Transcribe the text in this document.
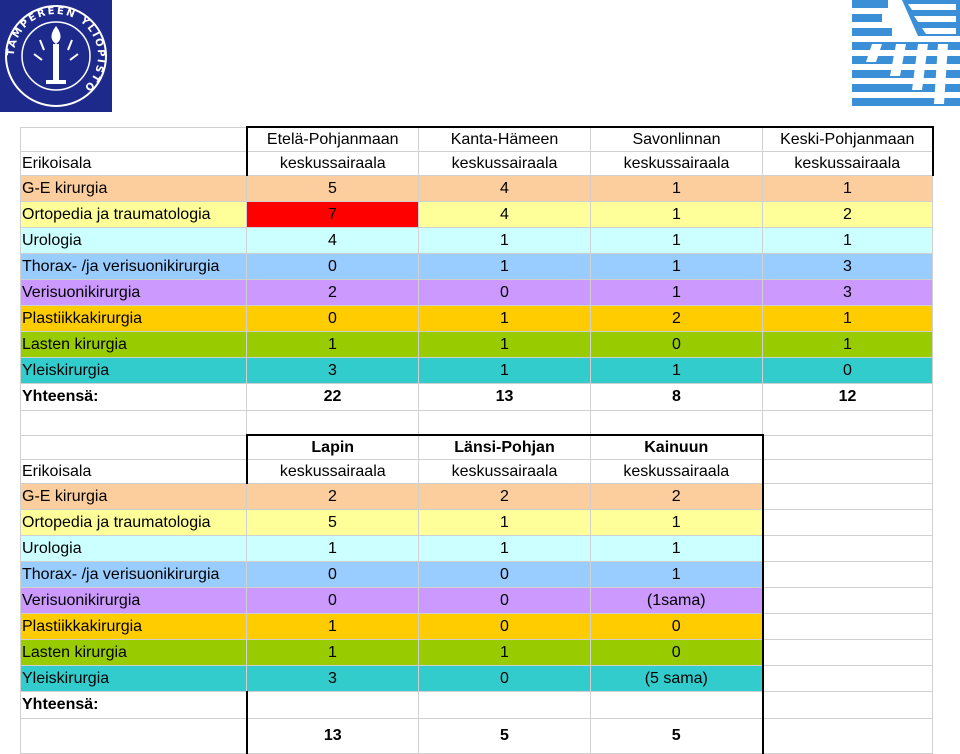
TAMPEREEN YLIOPISTO
	Etelä-Pohjanmaan	Kanta-Hämeen	Savonlinnan	Keski-Pohjanmaan
Erikoisala	keskussairaala	keskussairaala	keskussairaala	keskussairaala
G-E kirurgia	5	4	1	1
Ortopedia ja traumatologia	7	4	1	2
Urologia	4	1	1	1
Thorax- /ja verisuonikirurgia	0	1	1	3
Verisuonikirurgia	2	0	1	3
Plastiikkakirurgia	0	1	2	1
Lasten kirurgia	1	1	0	1
Yleiskirurgia	3	1	1	0
Yhteensä:	22	13	8	12

	Lapin	Länsi-Pohjan	Kainuun	
Erikoisala	keskussairaala	keskussairaala	keskussairaala	
G-E kirurgia	2	2	2	
Ortopedia ja traumatologia	5	1	1	
Urologia	1	1	1	
Thorax- /ja verisuonikirurgia	0	0	1	
Verisuonikirurgia	0	0	(1sama)	
Plastiikkakirurgia	1	0	0	
Lasten kirurgia	1	1	0	
Yleiskirurgia	3	0	(5 sama)	
Yhteensä:				
	13	5	5	
